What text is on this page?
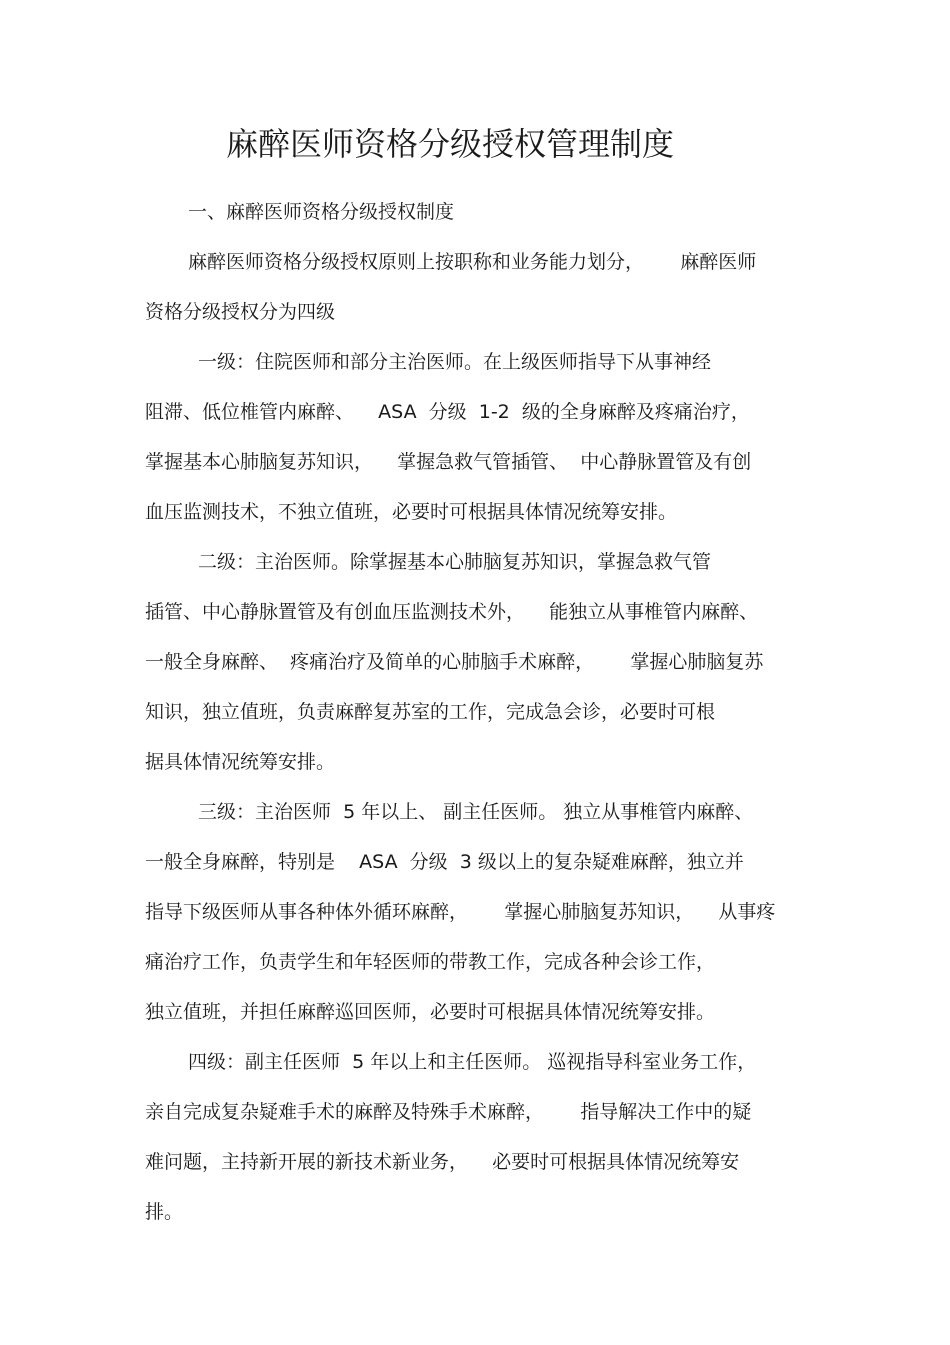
麻醉医师资格分级授权管理制度

一、麻醉医师资格分级授权制度

麻醉医师资格分级授权原则上按职称和业务能力划分，      麻醉医师

资格分级授权分为四级

一级：住院医师和部分主治医师。在上级医师指导下从事神经

阻滞、低位椎管内麻醉、    ASA  分级  1-2  级的全身麻醉及疼痛治疗，

掌握基本心肺脑复苏知识，    掌握急救气管插管、  中心静脉置管及有创

血压监测技术，不独立值班，必要时可根据具体情况统筹安排。

二级：主治医师。除掌握基本心肺脑复苏知识，掌握急救气管

插管、中心静脉置管及有创血压监测技术外，    能独立从事椎管内麻醉、

一般全身麻醉、  疼痛治疗及简单的心肺脑手术麻醉，      掌握心肺脑复苏

知识，独立值班，负责麻醉复苏室的工作，完成急会诊，必要时可根

据具体情况统筹安排。

三级：主治医师  5 年以上、 副主任医师。 独立从事椎管内麻醉、

一般全身麻醉，特别是    ASA  分级  3 级以上的复杂疑难麻醉，独立并

指导下级医师从事各种体外循环麻醉，      掌握心肺脑复苏知识，    从事疼

痛治疗工作，负责学生和年轻医师的带教工作，完成各种会诊工作，

独立值班，并担任麻醉巡回医师，必要时可根据具体情况统筹安排。

四级：副主任医师  5 年以上和主任医师。 巡视指导科室业务工作，

亲自完成复杂疑难手术的麻醉及特殊手术麻醉，      指导解决工作中的疑

难问题，主持新开展的新技术新业务，    必要时可根据具体情况统筹安

排。
